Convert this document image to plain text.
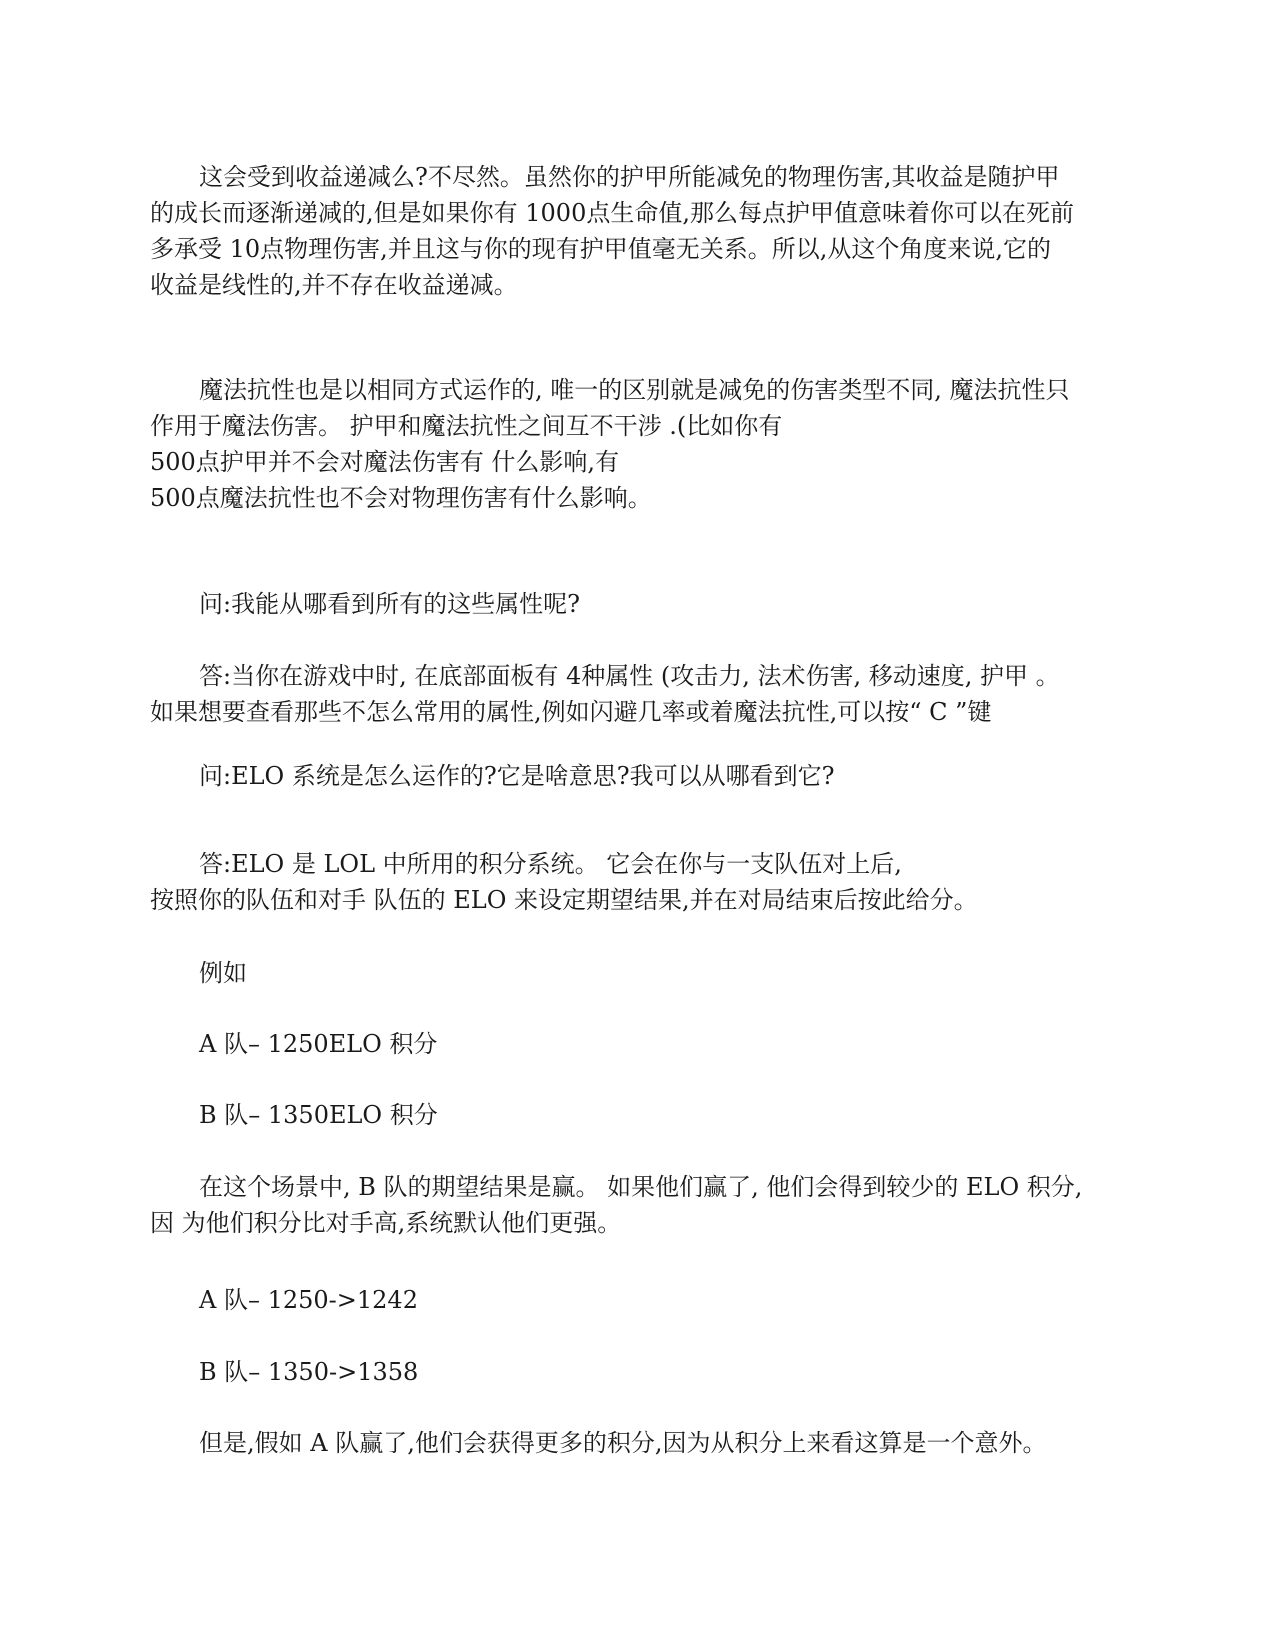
这会受到收益递减么?不尽然。虽然你的护甲所能减免的物理伤害,其收益是随护甲
的成长而逐渐递减的,但是如果你有 1000点生命值,那么每点护甲值意味着你可以在死前
多承受 10点物理伤害,并且这与你的现有护甲值毫无关系。所以,从这个角度来说,它的
收益是线性的,并不存在收益递减。
魔法抗性也是以相同方式运作的, 唯一的区别就是减免的伤害类型不同, 魔法抗性只
作用于魔法伤害。 护甲和魔法抗性之间互不干涉 .(比如你有
500点护甲并不会对魔法伤害有 什么影响,有
500点魔法抗性也不会对物理伤害有什么影响。
问:我能从哪看到所有的这些属性呢?
答:当你在游戏中时, 在底部面板有 4种属性 (攻击力, 法术伤害, 移动速度, 护甲 。
如果想要查看那些不怎么常用的属性,例如闪避几率或着魔法抗性,可以按“ C ”键
问:ELO 系统是怎么运作的?它是啥意思?我可以从哪看到它?
答:ELO 是 LOL 中所用的积分系统。 它会在你与一支队伍对上后,
按照你的队伍和对手 队伍的 ELO 来设定期望结果,并在对局结束后按此给分。
例如
A 队– 1250ELO 积分
B 队– 1350ELO 积分
在这个场景中, B 队的期望结果是赢。 如果他们赢了, 他们会得到较少的 ELO 积分,
因 为他们积分比对手高,系统默认他们更强。
A 队– 1250->1242
B 队– 1350->1358
但是,假如 A 队赢了,他们会获得更多的积分,因为从积分上来看这算是一个意外。
